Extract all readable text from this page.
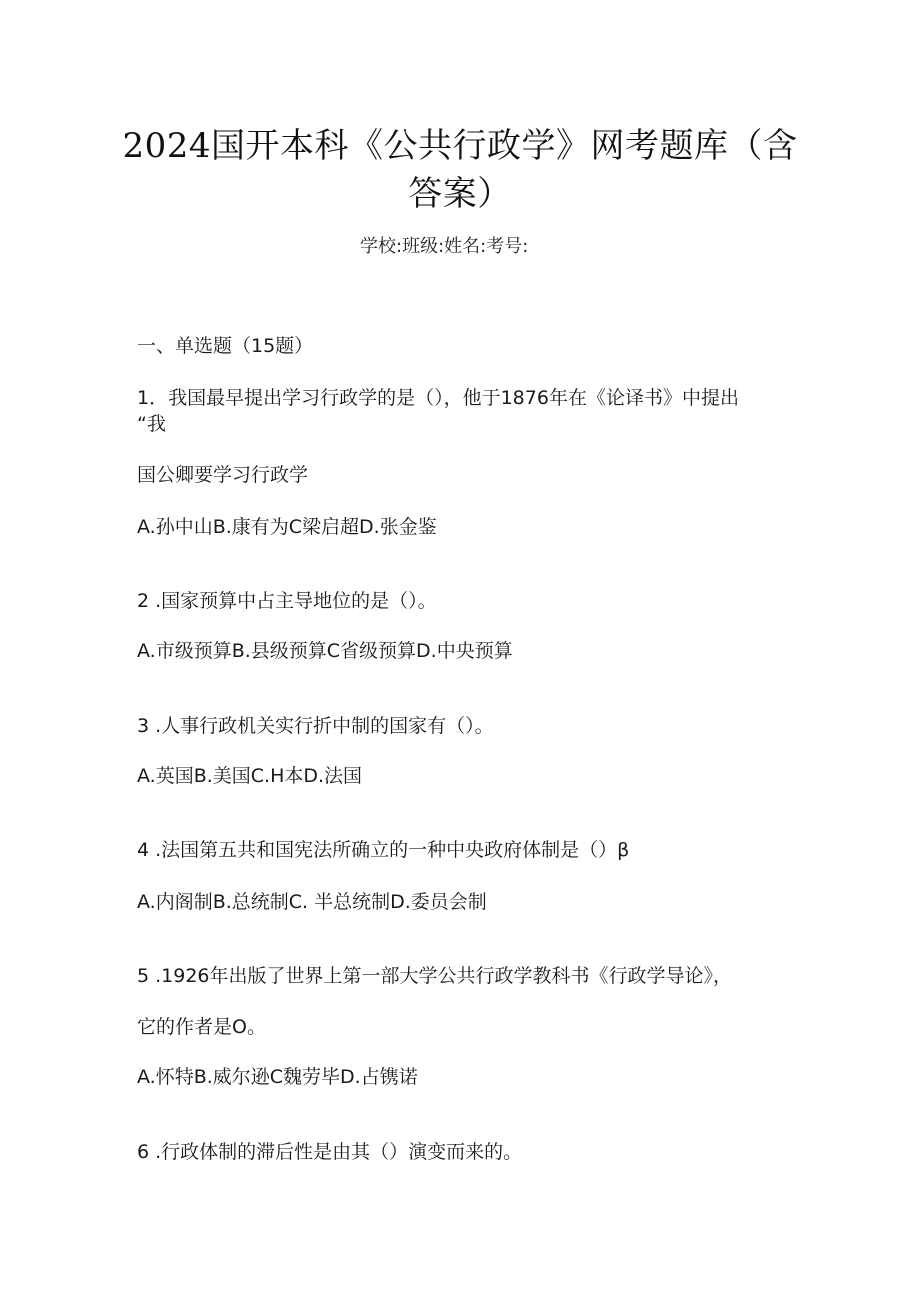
2024国开本科《公共行政学》网考题库（含
答案）
学校:班级:姓名:考号:
一、单选题（15题）
1．我国最早提出学习行政学的是（），他于1876年在《论译书》中提出
“我
国公卿要学习行政学
A.孙中山B.康有为C梁启超D.张金鉴
2 .国家预算中占主导地位的是（）。
A.市级预算B.县级预算C省级预算D.中央预算
3 .人事行政机关实行折中制的国家有（）。
A.英国B.美国C.H本D.法国
4 .法国第五共和国宪法所确立的一种中央政府体制是（）β
A.内阁制B.总统制C. 半总统制D.委员会制
5 .1926年出版了世界上第一部大学公共行政学教科书《行政学导论》，
它的作者是O。
A.怀特B.威尔逊C魏劳毕D.占镌诺
6 .行政体制的滞后性是由其（）演变而来的。
